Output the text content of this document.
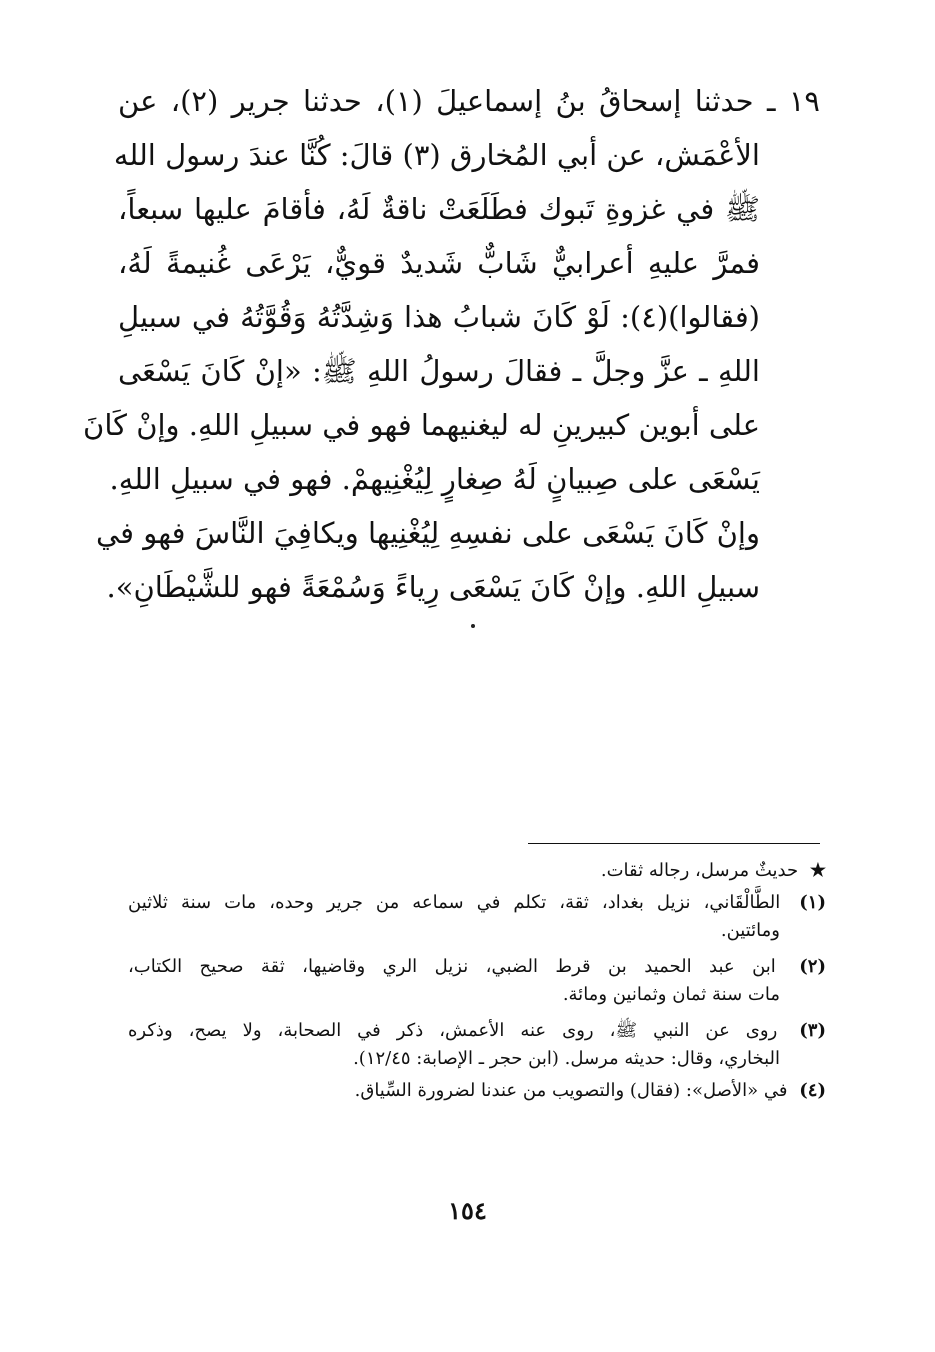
١٩ ـ حدثنا إسحاقُ بنُ إسماعيلَ (١)، حدثنا جرير (٢)، عن
الأعْمَش، عن أبي المُخارق (٣) قالَ: كُنَّا عندَ رسول الله
ﷺ في غزوةِ تَبوك فطَلَعَتْ ناقةٌ لَهُ، فأقامَ عليها سبعاً،
فمرَّ عليهِ أعرابيٌّ شَابٌّ شَديدٌ قويٌّ، يَرْعَى غُنيمةً لَهُ،
(فقالوا)(٤): لَوْ كَانَ شبابُ هذا وَشِدَّتُهُ وَقُوَّتُهُ في سبيلِ
اللهِ ـ عزَّ وجلَّ ـ فقالَ رسولُ اللهِ ﷺ: «إنْ كَانَ يَسْعَى
على أبوين كبيرينِ له ليغنيهما فهو في سبيلِ اللهِ. وإنْ كَانَ
يَسْعَى على صِبيانٍ لَهُ صِغارٍ لِيُغْنِيهمْ. فهو في سبيلِ اللهِ.
وإنْ كَانَ يَسْعَى على نفسِهِ لِيُغْنِيها ويكافِيَ النَّاسَ فهو في
سبيلِ اللهِ. وإنْ كَانَ يَسْعَى رِياءً وَسُمْعَةً فهو للشَّيْطَانِ».
★ حديثٌ مرسل، رجاله ثقات.
(١) الطَّالْقَاني، نزيل بغداد، ثقة، تكلم في سماعه من جرير وحده، مات سنة ثلاثين
ومائتين.
(٢) ابن عبد الحميد بن قرط الضبي، نزيل الري وقاضيها، ثقة صحيح الكتاب،
مات سنة ثمان وثمانين ومائة.
(٣) روى عن النبي ﷺ، روى عنه الأعمش، ذكر في الصحابة، ولا يصح، وذكره
البخاري، وقال: حديثه مرسل. (ابن حجر ـ الإصابة: ١٢/٤٥).
(٤) في «الأصل»: (فقال) والتصويب من عندنا لضرورة السِّياق.
١٥٤
